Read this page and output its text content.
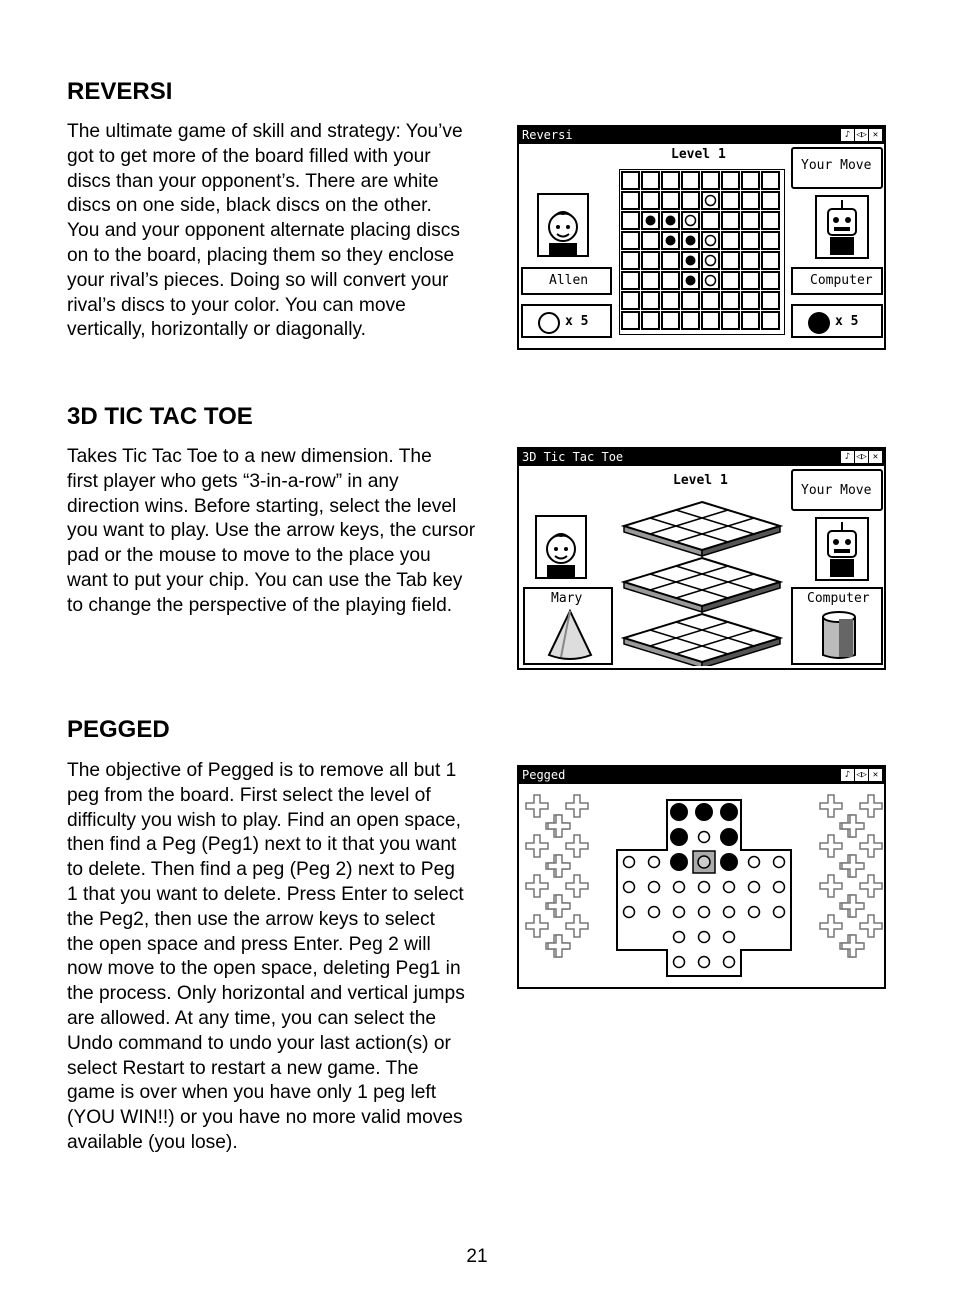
REVERSI
The ultimate game of skill and strategy: You’ve
got to get more of the board filled with your
discs than your opponent’s. There are white
discs on one side, black discs on the other.
You and your opponent alternate placing discs
on to the board, placing them so they enclose
your rival’s pieces. Doing so will convert your
rival’s discs to your color. You can move
vertically, horizontally or diagonally.
Reversi	♪ ◁▷ ✕
Level 1
Allen
x 5
Your Move
Computer
x 5
3D TIC TAC TOE
Takes Tic Tac Toe to a new dimension. The
first player who gets “3-in-a-row” in any
direction wins. Before starting, select the level
you want to play. Use the arrow keys, the cursor
pad or the mouse to move to the place you
want to put your chip. You can use the Tab key
to change the perspective of the playing field.
3D Tic Tac Toe	♪ ◁▷ ✕
Level 1
Mary
Your Move
Computer
PEGGED
The objective of Pegged is to remove all but 1
peg from the board. First select the level of
difficulty you wish to play. Find an open space,
then find a Peg (Peg1) next to it that you want
to delete. Then find a peg (Peg 2) next to Peg
1 that you want to delete. Press Enter to select
the Peg2, then use the arrow keys to select
the open space and press Enter. Peg 2 will
now move to the open space, deleting Peg1 in
the process. Only horizontal and vertical jumps
are allowed. At any time, you can select the
Undo command to undo your last action(s) or
select Restart to restart a new game. The
game is over when you have only 1 peg left
(YOU WIN!!) or you have no more valid moves
available (you lose).
Pegged	♪ ◁▷ ✕
21
